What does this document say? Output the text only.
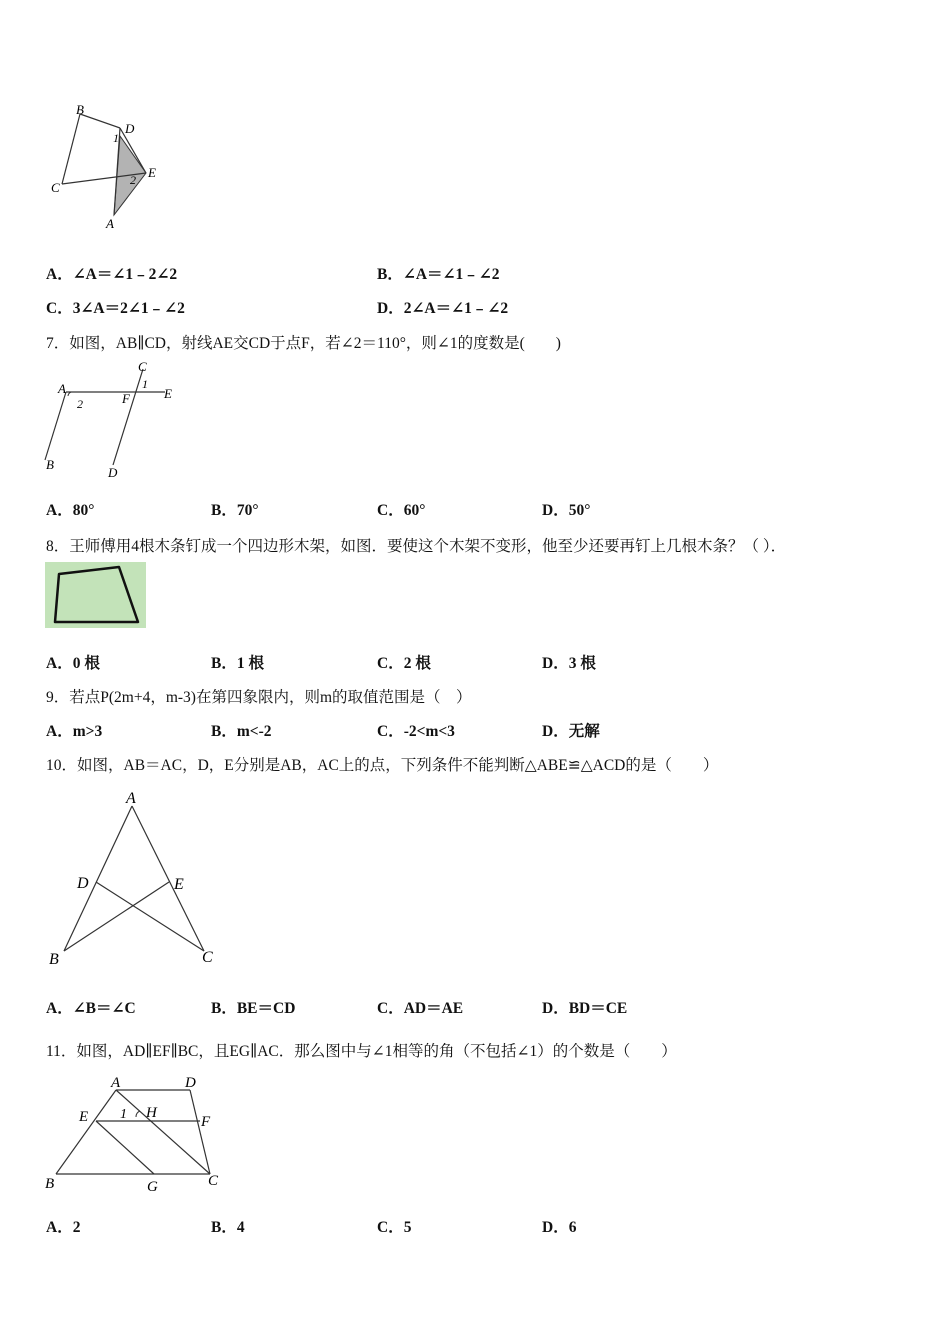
B
D
1
E
2
C
A
A．∠A＝∠1﹣2∠2	B．∠A＝∠1﹣∠2
C．3∠A＝2∠1﹣∠2	D．2∠A＝∠1﹣∠2
7．如图，AB∥CD，射线AE交CD于点F，若∠2＝110°，则∠1的度数是(　　)
C
1
A	E
2	F
B
D
A．80°	B．70°	C．60°	D．50°
8．王师傅用4根木条钉成一个四边形木架，如图．要使这个木架不变形，他至少还要再钉上几根木条？（ ）．
A．0 根	B．1 根	C．2 根	D．3 根
9．若点P(2m+4，m-3)在第四象限内，则m的取值范围是（　）
A．m>3	B．m<-2	C．-2<m<3	D．无解
10．如图，AB＝AC，D，E分别是AB，AC上的点，下列条件不能判断△ABE≌△ACD的是（　　）
A
D	E
B	C
A．∠B＝∠C	B．BE＝CD	C．AD＝AE	D．BD＝CE
11．如图，AD∥EF∥BC，且EG∥AC．那么图中与∠1相等的角（不包括∠1）的个数是（　　）
A	D
E 1 H
F
B	G	C
A．2	B．4	C．5	D．6
